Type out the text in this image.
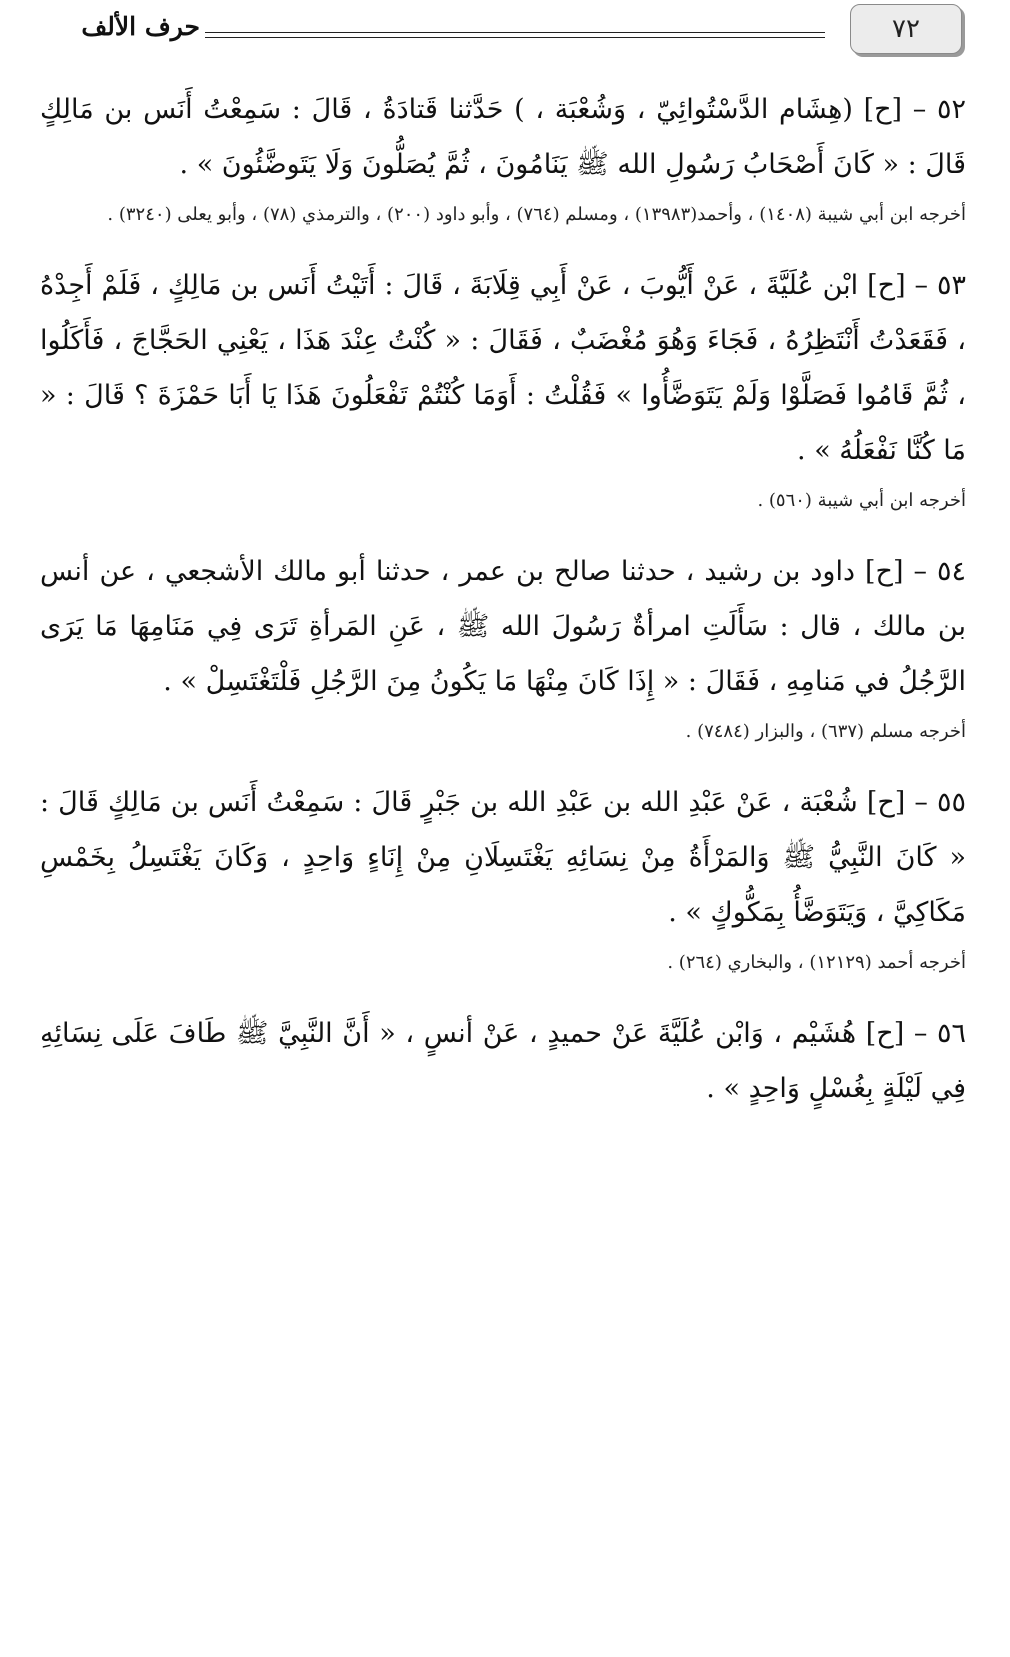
٧٢
حرف الألف

٥٢ – [ح] (هِشَام الدَّسْتُوائِيّ ، وَشُعْبَة ، ) حَدَّثنا قَتادَةُ ، قَالَ : سَمِعْتُ أَنَس بن مَالِكٍ قَالَ : « كَانَ أَصْحَابُ رَسُولِ الله ﷺ يَنَامُونَ ، ثُمَّ يُصَلُّونَ وَلَا يَتَوضَّئُونَ » .

أخرجه ابن أبي شيبة (١٤٠٨) ، وأحمد(١٣٩٨٣) ، ومسلم (٧٦٤) ، وأبو داود (٢٠٠) ، والترمذي (٧٨) ، وأبو يعلى (٣٢٤٠) .

٥٣ – [ح] ابْن عُلَيَّةَ ، عَنْ أَيُّوبَ ، عَنْ أَبِي قِلَابَةَ ، قَالَ : أَتَيْتُ أَنَس بن مَالِكٍ ، فَلَمْ أَجِدْهُ ، فَقَعَدْتُ أَنْتَظِرُهُ ، فَجَاءَ وَهُوَ مُغْضَبٌ ، فَقَالَ : « كُنْتُ عِنْدَ هَذَا ، يَعْنِي الحَجَّاجَ ، فَأَكَلُوا ، ثُمَّ قَامُوا فَصَلَّوْا وَلَمْ يَتَوَضَّأُوا » فَقُلْتُ : أَوَمَا كُنْتُمْ تَفْعَلُونَ هَذَا يَا أَبَا حَمْزَةَ ؟ قَالَ : « مَا كُنَّا نَفْعَلُهُ » .

أخرجه ابن أبي شيبة (٥٦٠) .

٥٤ – [ح] داود بن رشيد ، حدثنا صالح بن عمر ، حدثنا أبو مالك الأشجعي ، عن أنس بن مالك ، قال : سَأَلَتِ امرأةٌ رَسُولَ الله ﷺ ، عَنِ المَرأةِ تَرَى فِي مَنَامِهَا مَا يَرَى الرَّجُلُ في مَنامِهِ ، فَقَالَ : « إِذَا كَانَ مِنْهَا مَا يَكُونُ مِنَ الرَّجُلِ فَلْتَغْتَسِلْ » .

أخرجه مسلم (٦٣٧) ، والبزار (٧٤٨٤) .

٥٥ – [ح] شُعْبَة ، عَنْ عَبْدِ الله بن عَبْدِ الله بن جَبْرٍ قَالَ : سَمِعْتُ أَنَس بن مَالِكٍ قَالَ : « كَانَ النَّبِيُّ ﷺ وَالمَرْأَةُ مِنْ نِسَائِهِ يَغْتَسِلَانِ مِنْ إِنَاءٍ وَاحِدٍ ، وَكَانَ يَغْتَسِلُ بِخَمْسِ مَكَاكِيَّ ، وَيَتَوَضَّأُ بِمَكُّوكٍ » .

أخرجه أحمد (١٢١٢٩) ، والبخاري (٢٦٤) .

٥٦ – [ح] هُشَيْم ، وَابْن عُلَيَّةَ عَنْ حميدٍ ، عَنْ أنسٍ ، « أَنَّ النَّبِيَّ ﷺ طَافَ عَلَى نِسَائِهِ فِي لَيْلَةٍ بِغُسْلٍ وَاحِدٍ » .
